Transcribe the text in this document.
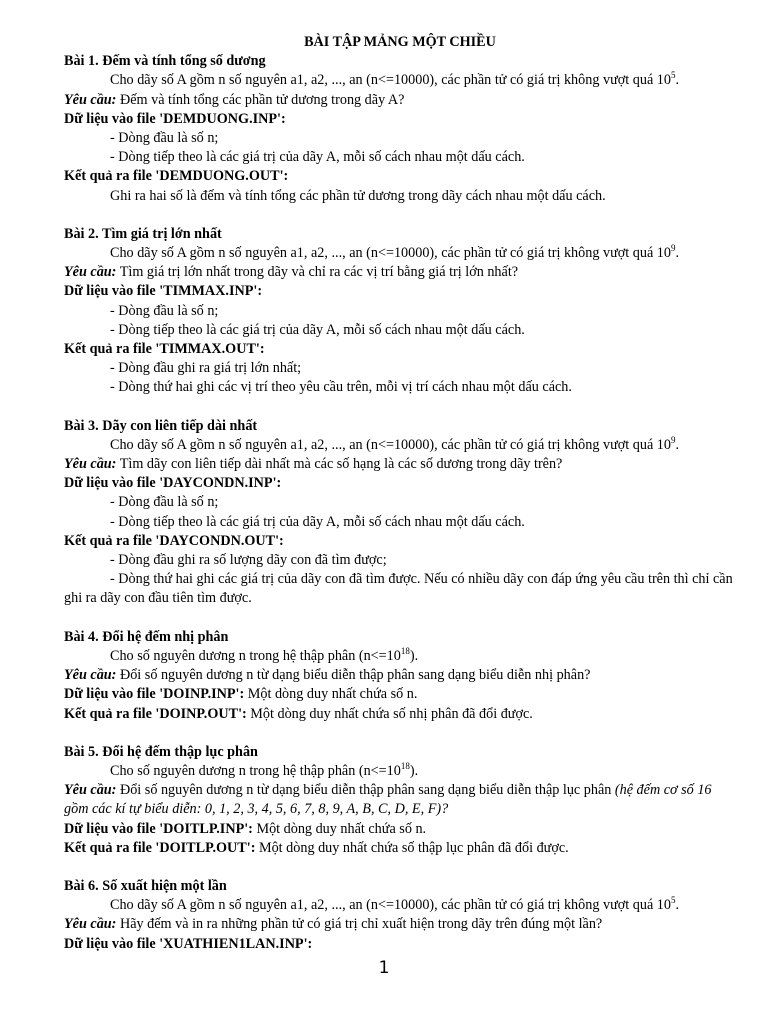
BÀI TẬP MẢNG MỘT CHIỀU

Bài 1. Đếm và tính tổng số dương

Cho dãy số A gồm n số nguyên a1, a2, ..., an (n<=10000), các phần tử có giá trị không vượt quá $10^5$.

Yêu cầu: Đếm và tính tổng các phần tử dương trong dãy A?

Dữ liệu vào file 'DEMDUONG.INP':

- Dòng đầu là số n;

- Dòng tiếp theo là các giá trị của dãy A, mỗi số cách nhau một dấu cách.

Kết quả ra file 'DEMDUONG.OUT':

Ghi ra hai số là đếm và tính tổng các phần tử dương trong dãy cách nhau một dấu cách.

Bài 2. Tìm giá trị lớn nhất

Cho dãy số A gồm n số nguyên a1, a2, ..., an (n<=10000), các phần tử có giá trị không vượt quá $10^9$.

Yêu cầu: Tìm giá trị lớn nhất trong dãy và chỉ ra các vị trí bằng giá trị lớn nhất?

Dữ liệu vào file 'TIMMAX.INP':

- Dòng đầu là số n;

- Dòng tiếp theo là các giá trị của dãy A, mỗi số cách nhau một dấu cách.

Kết quả ra file 'TIMMAX.OUT':

- Dòng đầu ghi ra giá trị lớn nhất;

- Dòng thứ hai ghi các vị trí theo yêu cầu trên, mỗi vị trí cách nhau một dấu cách.

Bài 3. Dãy con liên tiếp dài nhất

Cho dãy số A gồm n số nguyên a1, a2, ..., an (n<=10000), các phần tử có giá trị không vượt quá $10^9$.

Yêu cầu: Tìm dãy con liên tiếp dài nhất mà các số hạng là các số dương trong dãy trên?

Dữ liệu vào file 'DAYCONDN.INP':

- Dòng đầu là số n;

- Dòng tiếp theo là các giá trị của dãy A, mỗi số cách nhau một dấu cách.

Kết quả ra file 'DAYCONDN.OUT':

- Dòng đầu ghi ra số lượng dãy con đã tìm được;

- Dòng thứ hai ghi các giá trị của dãy con đã tìm được. Nếu có nhiều dãy con đáp ứng yêu cầu trên thì chỉ cần ghi ra dãy con đầu tiên tìm được.

Bài 4. Đổi hệ đếm nhị phân

Cho số nguyên dương n trong hệ thập phân $(n<=10^{18})$.

Yêu cầu: Đổi số nguyên dương n từ dạng biểu diễn thập phân sang dạng biểu diễn nhị phân?

Dữ liệu vào file 'DOINP.INP': Một dòng duy nhất chứa số n.

Kết quả ra file 'DOINP.OUT': Một dòng duy nhất chứa số nhị phân đã đổi được.

Bài 5. Đổi hệ đếm thập lục phân

Cho số nguyên dương n trong hệ thập phân $(n<=10^{18})$.

Yêu cầu: Đổi số nguyên dương n từ dạng biểu diễn thập phân sang dạng biểu diễn thập lục phân (hệ đếm cơ số 16 gồm các kí tự biểu diễn: 0, 1, 2, 3, 4, 5, 6, 7, 8, 9, A, B, C, D, E, F)?

Dữ liệu vào file 'DOITLP.INP': Một dòng duy nhất chứa số n.

Kết quả ra file 'DOITLP.OUT': Một dòng duy nhất chứa số thập lục phân đã đổi được.

Bài 6. Số xuất hiện một lần

Cho dãy số A gồm n số nguyên a1, a2, ..., an (n<=10000), các phần tử có giá trị không vượt quá $10^5$.

Yêu cầu: Hãy đếm và in ra những phần tử có giá trị chỉ xuất hiện trong dãy trên đúng một lần?

Dữ liệu vào file 'XUATHIEN1LAN.INP':

1
